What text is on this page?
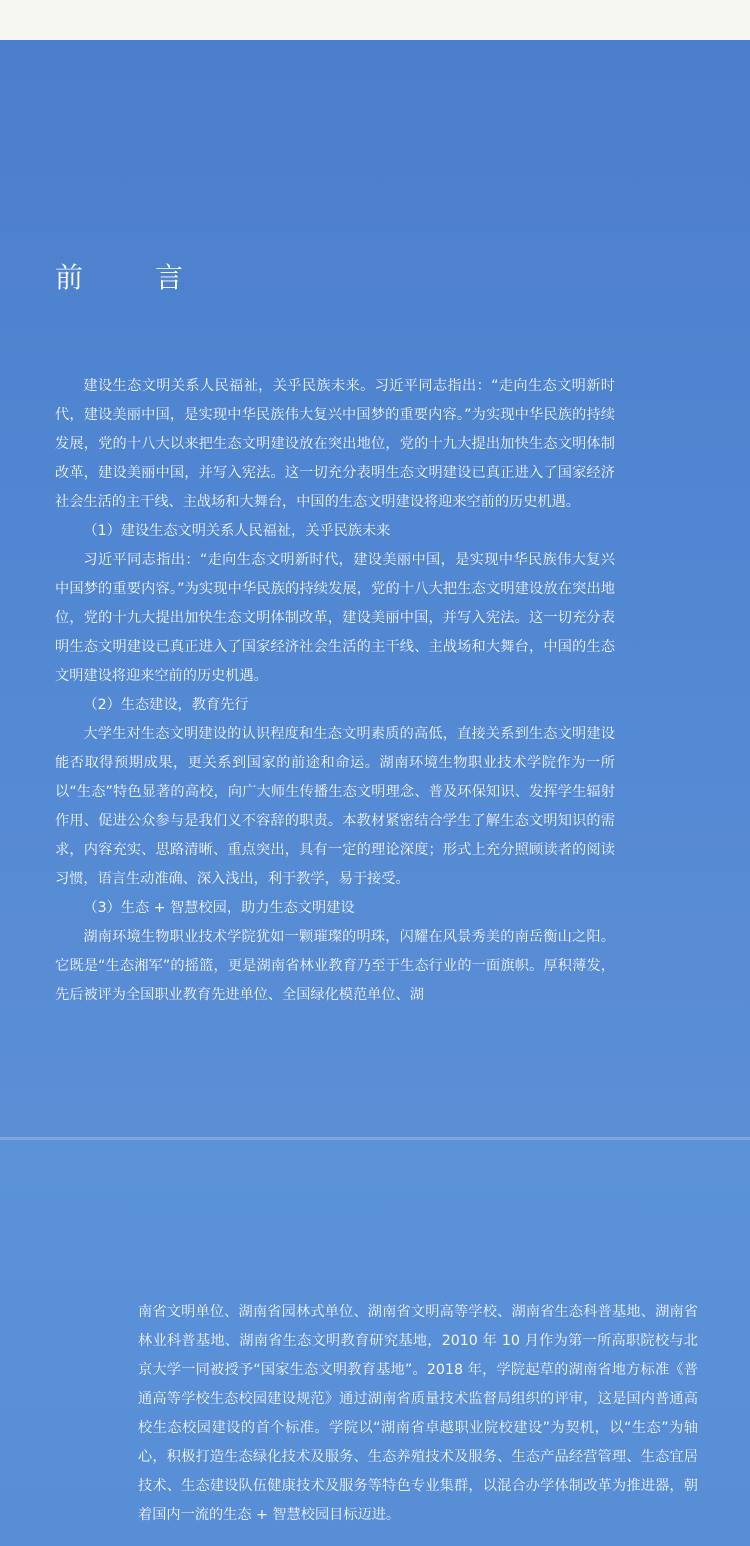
前　言

建设生态文明关系人民福祉，关乎民族未来。习近平同志指出：“走向生态文明新时代，建设美丽中国，是实现中华民族伟大复兴中国梦的重要内容。”为实现中华民族的持续发展，党的十八大以来把生态文明建设放在突出地位，党的十九大提出加快生态文明体制改革，建设美丽中国，并写入宪法。这一切充分表明生态文明建设已真正进入了国家经济社会生活的主干线、主战场和大舞台，中国的生态文明建设将迎来空前的历史机遇。

（1）建设生态文明关系人民福祉，关乎民族未来

习近平同志指出：“走向生态文明新时代，建设美丽中国，是实现中华民族伟大复兴中国梦的重要内容。”为实现中华民族的持续发展，党的十八大把生态文明建设放在突出地位，党的十九大提出加快生态文明体制改革，建设美丽中国，并写入宪法。这一切充分表明生态文明建设已真正进入了国家经济社会生活的主干线、主战场和大舞台，中国的生态文明建设将迎来空前的历史机遇。

（2）生态建设，教育先行

大学生对生态文明建设的认识程度和生态文明素质的高低，直接关系到生态文明建设能否取得预期成果，更关系到国家的前途和命运。湖南环境生物职业技术学院作为一所以“生态”特色显著的高校，向广大师生传播生态文明理念、普及环保知识、发挥学生辐射作用、促进公众参与是我们义不容辞的职责。本教材紧密结合学生了解生态文明知识的需求，内容充实、思路清晰、重点突出，具有一定的理论深度；形式上充分照顾读者的阅读习惯，语言生动准确、深入浅出，利于教学，易于接受。

（3）生态 + 智慧校园，助力生态文明建设

湖南环境生物职业技术学院犹如一颗璀璨的明珠，闪耀在风景秀美的南岳衡山之阳。它既是“生态湘军”的摇篮，更是湖南省林业教育乃至于生态行业的一面旗帜。厚积薄发，先后被评为全国职业教育先进单位、全国绿化模范单位、湖

南省文明单位、湖南省园林式单位、湖南省文明高等学校、湖南省生态科普基地、湖南省林业科普基地、湖南省生态文明教育研究基地，2010 年 10 月作为第一所高职院校与北京大学一同被授予“国家生态文明教育基地”。2018 年，学院起草的湖南省地方标准《普通高等学校生态校园建设规范》通过湖南省质量技术监督局组织的评审，这是国内普通高校生态校园建设的首个标准。学院以“湖南省卓越职业院校建设”为契机，以“生态”为轴心，积极打造生态绿化技术及服务、生态养殖技术及服务、生态产品经营管理、生态宜居技术、生态建设队伍健康技术及服务等特色专业集群，以混合办学体制改革为推进器，朝着国内一流的生态 + 智慧校园目标迈进。
